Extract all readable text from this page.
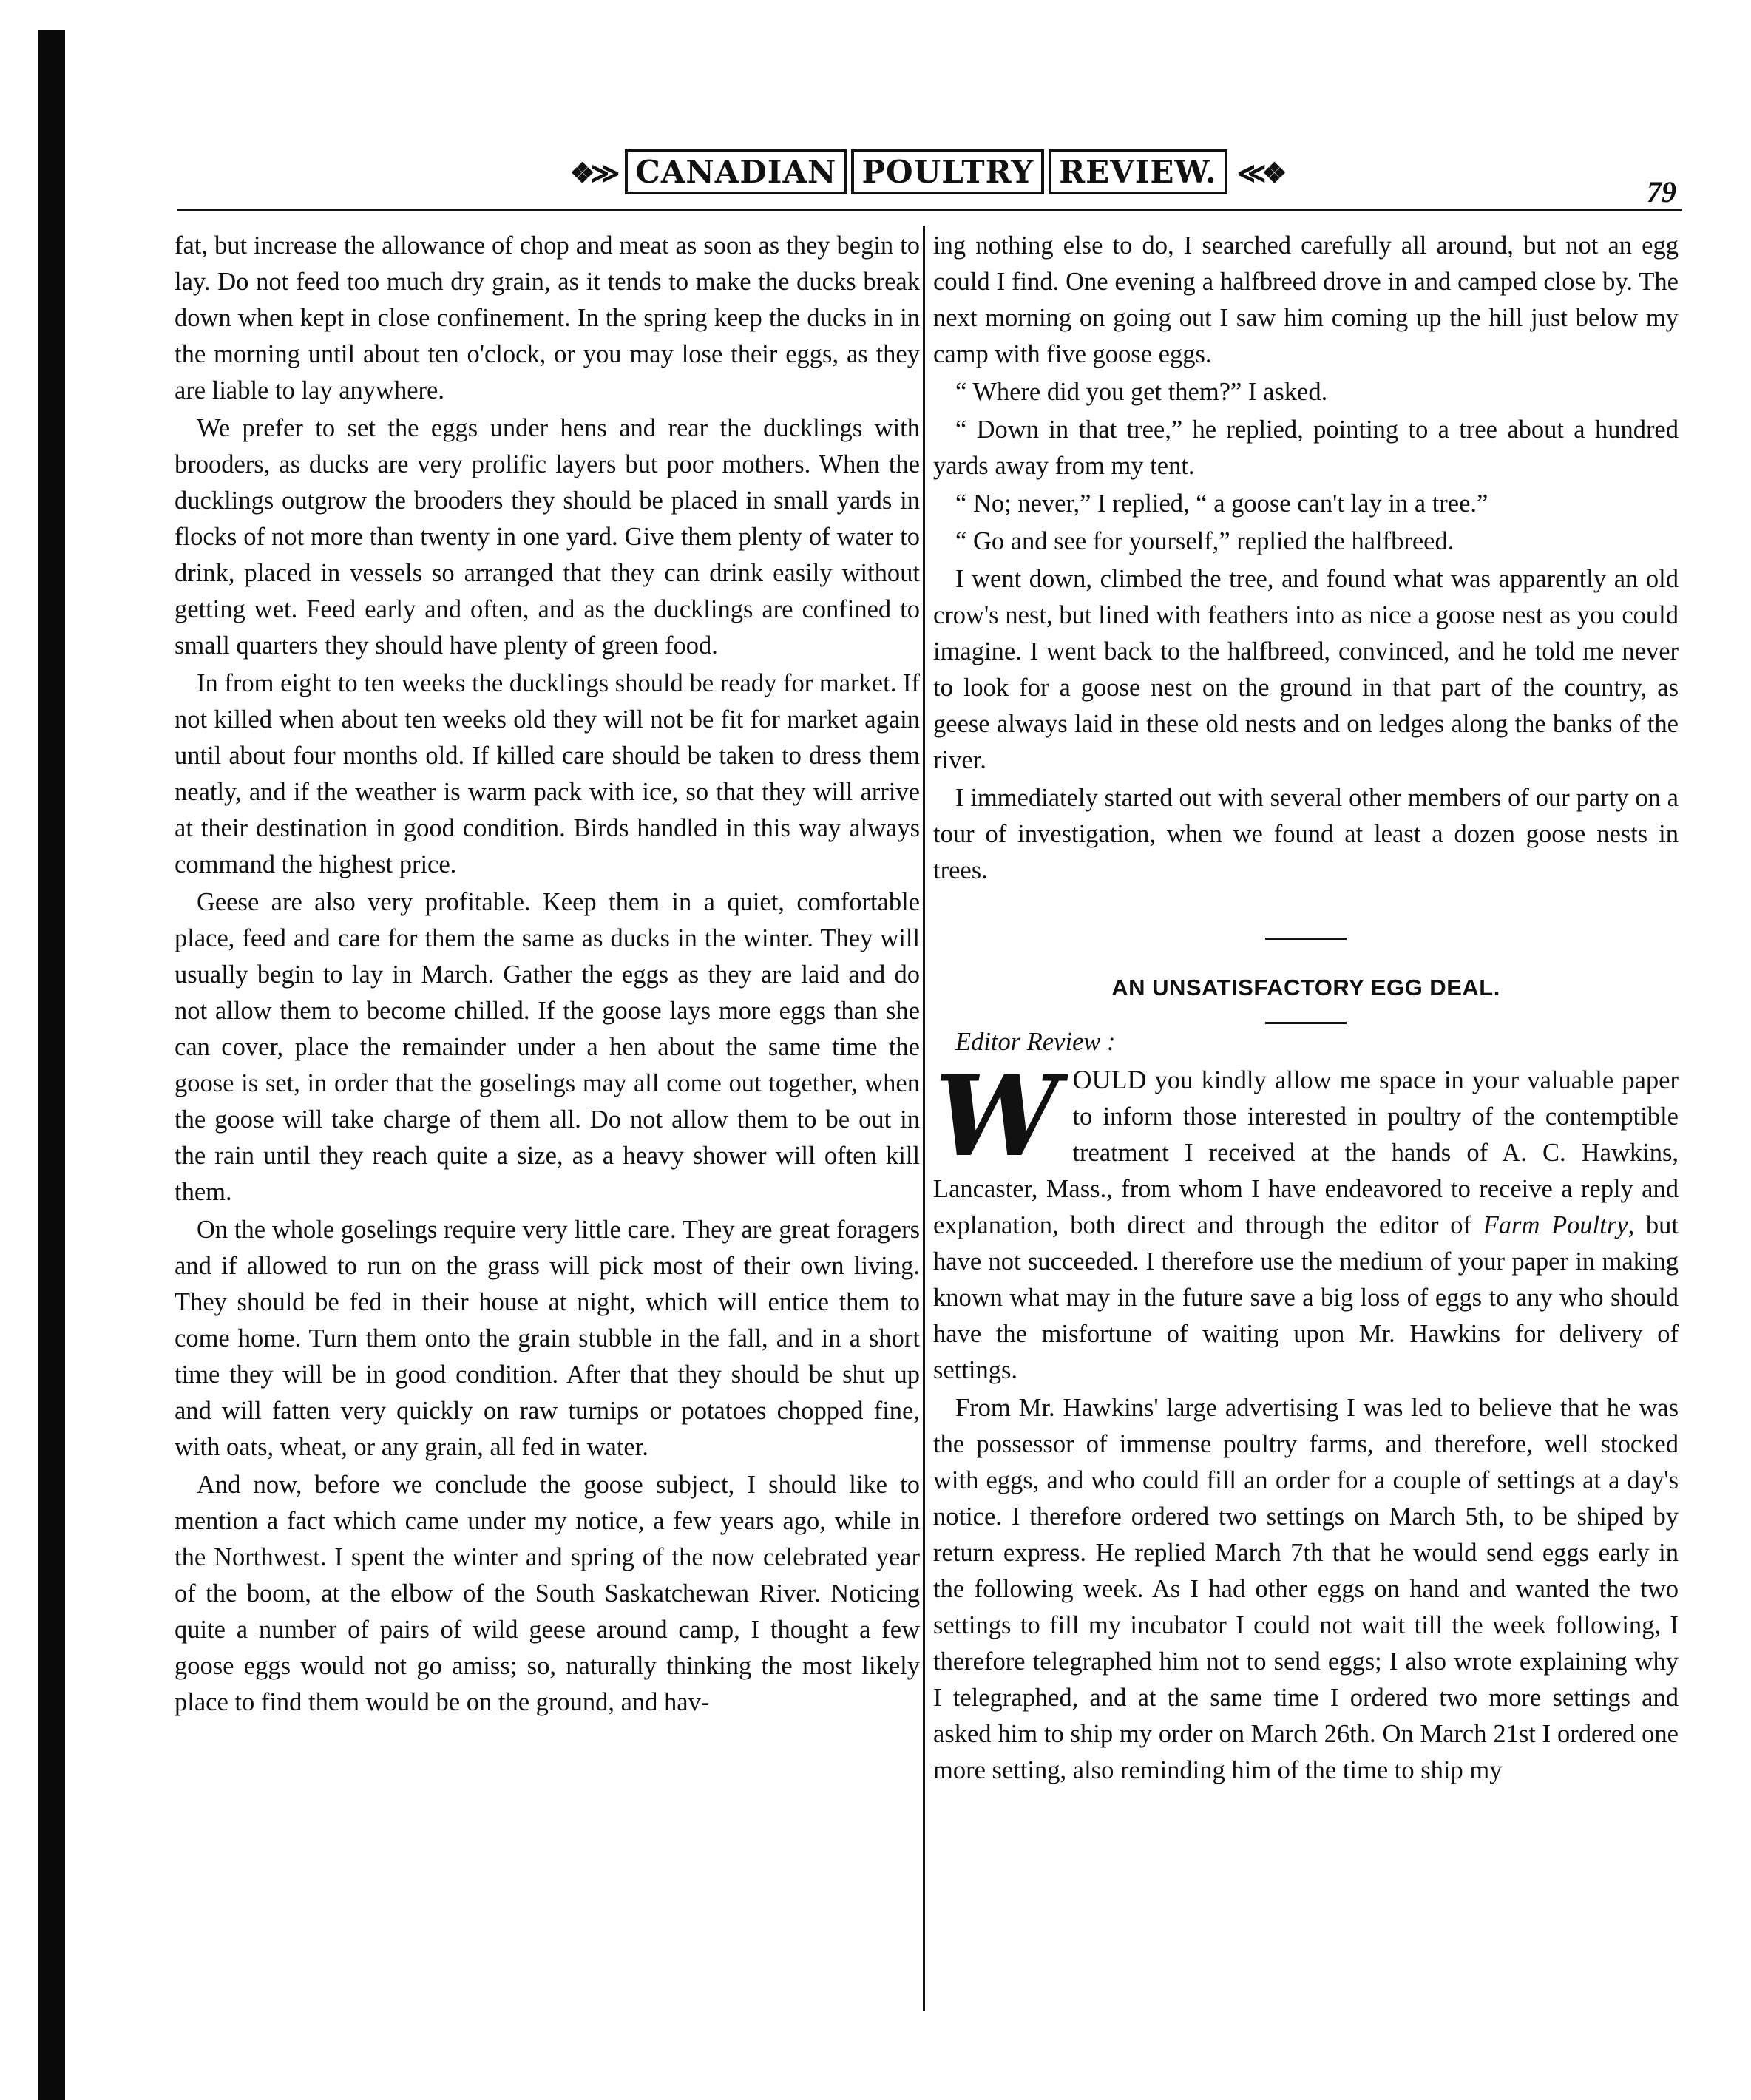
❖≫ CANADIAN POULTRY REVIEW. ≪❖
79

fat, but increase the allowance of chop and meat as soon as they begin to lay. Do not feed too much dry grain, as it tends to make the ducks break down when kept in close confinement. In the spring keep the ducks in in the morning until about ten o'clock, or you may lose their eggs, as they are liable to lay anywhere.

We prefer to set the eggs under hens and rear the ducklings with brooders, as ducks are very prolific layers but poor mothers. When the ducklings outgrow the brooders they should be placed in small yards in flocks of not more than twenty in one yard. Give them plenty of water to drink, placed in vessels so arranged that they can drink easily without getting wet. Feed early and often, and as the ducklings are confined to small quarters they should have plenty of green food.

In from eight to ten weeks the ducklings should be ready for market. If not killed when about ten weeks old they will not be fit for market again until about four months old. If killed care should be taken to dress them neatly, and if the weather is warm pack with ice, so that they will arrive at their destination in good condition. Birds handled in this way always command the highest price.

Geese are also very profitable. Keep them in a quiet, comfortable place, feed and care for them the same as ducks in the winter. They will usually begin to lay in March. Gather the eggs as they are laid and do not allow them to become chilled. If the goose lays more eggs than she can cover, place the remainder under a hen about the same time the goose is set, in order that the goselings may all come out together, when the goose will take charge of them all. Do not allow them to be out in the rain until they reach quite a size, as a heavy shower will often kill them.

On the whole goselings require very little care. They are great foragers and if allowed to run on the grass will pick most of their own living. They should be fed in their house at night, which will entice them to come home. Turn them onto the grain stubble in the fall, and in a short time they will be in good condition. After that they should be shut up and will fatten very quickly on raw turnips or potatoes chopped fine, with oats, wheat, or any grain, all fed in water.

And now, before we conclude the goose subject, I should like to mention a fact which came under my notice, a few years ago, while in the Northwest. I spent the winter and spring of the now celebrated year of the boom, at the elbow of the South Saskatchewan River. Noticing quite a number of pairs of wild geese around camp, I thought a few goose eggs would not go amiss; so, naturally thinking the most likely place to find them would be on the ground, and hav-

ing nothing else to do, I searched carefully all around, but not an egg could I find. One evening a halfbreed drove in and camped close by. The next morning on going out I saw him coming up the hill just below my camp with five goose eggs.

“ Where did you get them?” I asked.

“ Down in that tree,” he replied, pointing to a tree about a hundred yards away from my tent.

“ No; never,” I replied, “ a goose can't lay in a tree.”

“ Go and see for yourself,” replied the halfbreed.

I went down, climbed the tree, and found what was apparently an old crow's nest, but lined with feathers into as nice a goose nest as you could imagine. I went back to the halfbreed, convinced, and he told me never to look for a goose nest on the ground in that part of the country, as geese always laid in these old nests and on ledges along the banks of the river.

I immediately started out with several other members of our party on a tour of investigation, when we found at least a dozen goose nests in trees.

AN UNSATISFACTORY EGG DEAL.

Editor Review :

WOULD you kindly allow me space in your valuable paper to inform those interested in poultry of the contemptible treatment I received at the hands of A. C. Hawkins, Lancaster, Mass., from whom I have endeavored to receive a reply and explanation, both direct and through the editor of Farm Poultry, but have not succeeded. I therefore use the medium of your paper in making known what may in the future save a big loss of eggs to any who should have the misfortune of waiting upon Mr. Hawkins for delivery of settings.

From Mr. Hawkins' large advertising I was led to believe that he was the possessor of immense poultry farms, and therefore, well stocked with eggs, and who could fill an order for a couple of settings at a day's notice. I therefore ordered two settings on March 5th, to be shiped by return express. He replied March 7th that he would send eggs early in the following week. As I had other eggs on hand and wanted the two settings to fill my incubator I could not wait till the week following, I therefore telegraphed him not to send eggs; I also wrote explaining why I telegraphed, and at the same time I ordered two more settings and asked him to ship my order on March 26th. On March 21st I ordered one more setting, also reminding him of the time to ship my
